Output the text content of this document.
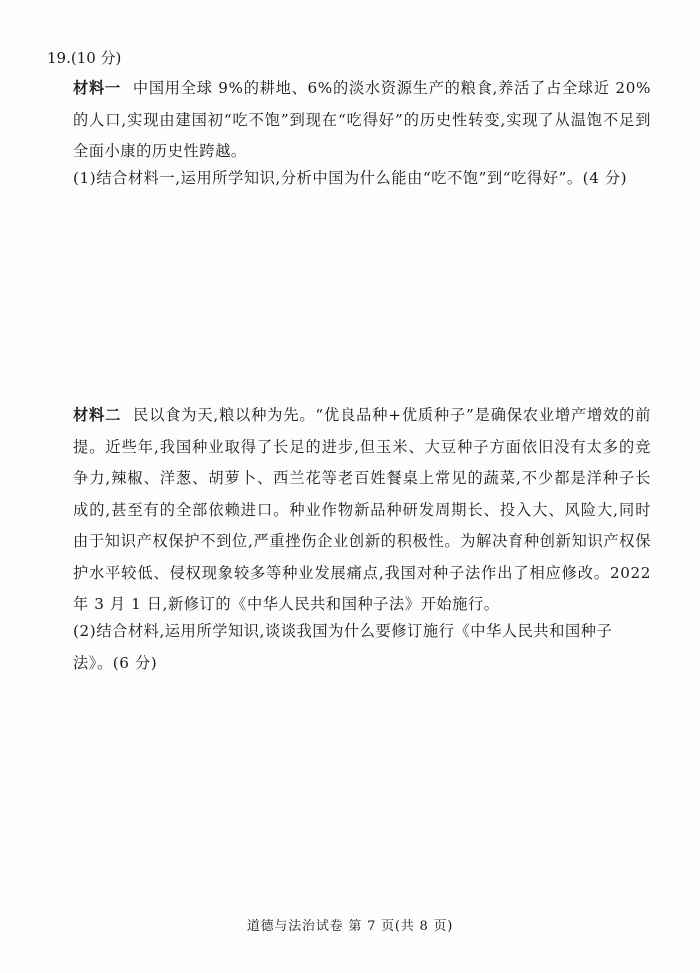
19.(10 分)

材料一 中国用全球 9%的耕地、6%的淡水资源生产的粮食,养活了占全球近 20%的人口,实现由建国初“吃不饱”到现在“吃得好”的历史性转变,实现了从温饱不足到全面小康的历史性跨越。

(1)结合材料一,运用所学知识,分析中国为什么能由“吃不饱”到“吃得好”。(4 分)

材料二 民以食为天,粮以种为先。“优良品种+优质种子”是确保农业增产增效的前提。近些年,我国种业取得了长足的进步,但玉米、大豆种子方面依旧没有太多的竞争力,辣椒、洋葱、胡萝卜、西兰花等老百姓餐桌上常见的蔬菜,不少都是洋种子长成的,甚至有的全部依赖进口。种业作物新品种研发周期长、投入大、风险大,同时由于知识产权保护不到位,严重挫伤企业创新的积极性。为解决育种创新知识产权保护水平较低、侵权现象较多等种业发展痛点,我国对种子法作出了相应修改。2022 年 3 月 1 日,新修订的《中华人民共和国种子法》开始施行。

(2)结合材料,运用所学知识,谈谈我国为什么要修订施行《中华人民共和国种子法》。(6 分)

道德与法治试卷 第 7 页(共 8 页)
